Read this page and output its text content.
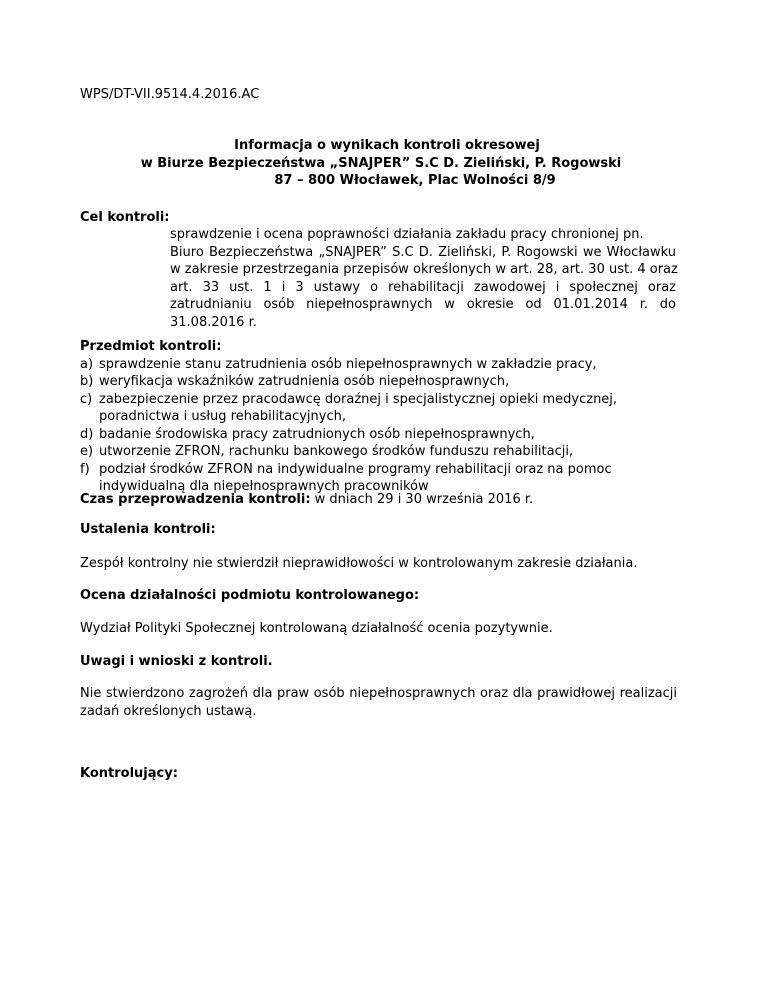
WPS/DT-VII.9514.4.2016.AC
Informacja o wynikach kontroli okresowej
w Biurze Bezpieczeństwa „SNAJPER” S.C D. Zieliński, P. Rogowski
87 – 800 Włocławek, Plac Wolności 8/9
Cel kontroli:
sprawdzenie i ocena poprawności działania zakładu pracy chronionej pn.
Biuro Bezpieczeństwa „SNAJPER” S.C D. Zieliński, P. Rogowski we Włocławku
w zakresie przestrzegania przepisów określonych w art. 28, art. 30 ust. 4 oraz
art. 33 ust. 1 i 3 ustawy o rehabilitacji zawodowej i społecznej oraz
zatrudnianiu osób niepełnosprawnych w okresie od 01.01.2014 r. do
31.08.2016 r.
Przedmiot kontroli:
a) sprawdzenie stanu zatrudnienia osób niepełnosprawnych w zakładzie pracy,
b) weryfikacja wskaźników zatrudnienia osób niepełnosprawnych,
c) zabezpieczenie przez pracodawcę doraźnej i specjalistycznej opieki medycznej,
poradnictwa i usług rehabilitacyjnych,
d) badanie środowiska pracy zatrudnionych osób niepełnosprawnych,
e) utworzenie ZFRON, rachunku bankowego środków funduszu rehabilitacji,
f) podział środków ZFRON na indywidualne programy rehabilitacji oraz na pomoc
indywidualną dla niepełnosprawnych pracowników
Czas przeprowadzenia kontroli: w dniach 29 i 30 września 2016 r.
Ustalenia kontroli:
Zespół kontrolny nie stwierdził nieprawidłowości w kontrolowanym zakresie działania.
Ocena działalności podmiotu kontrolowanego:
Wydział Polityki Społecznej kontrolowaną działalność ocenia pozytywnie.
Uwagi i wnioski z kontroli.
Nie stwierdzono zagrożeń dla praw osób niepełnosprawnych oraz dla prawidłowej realizacji
zadań określonych ustawą.
Kontrolujący:
